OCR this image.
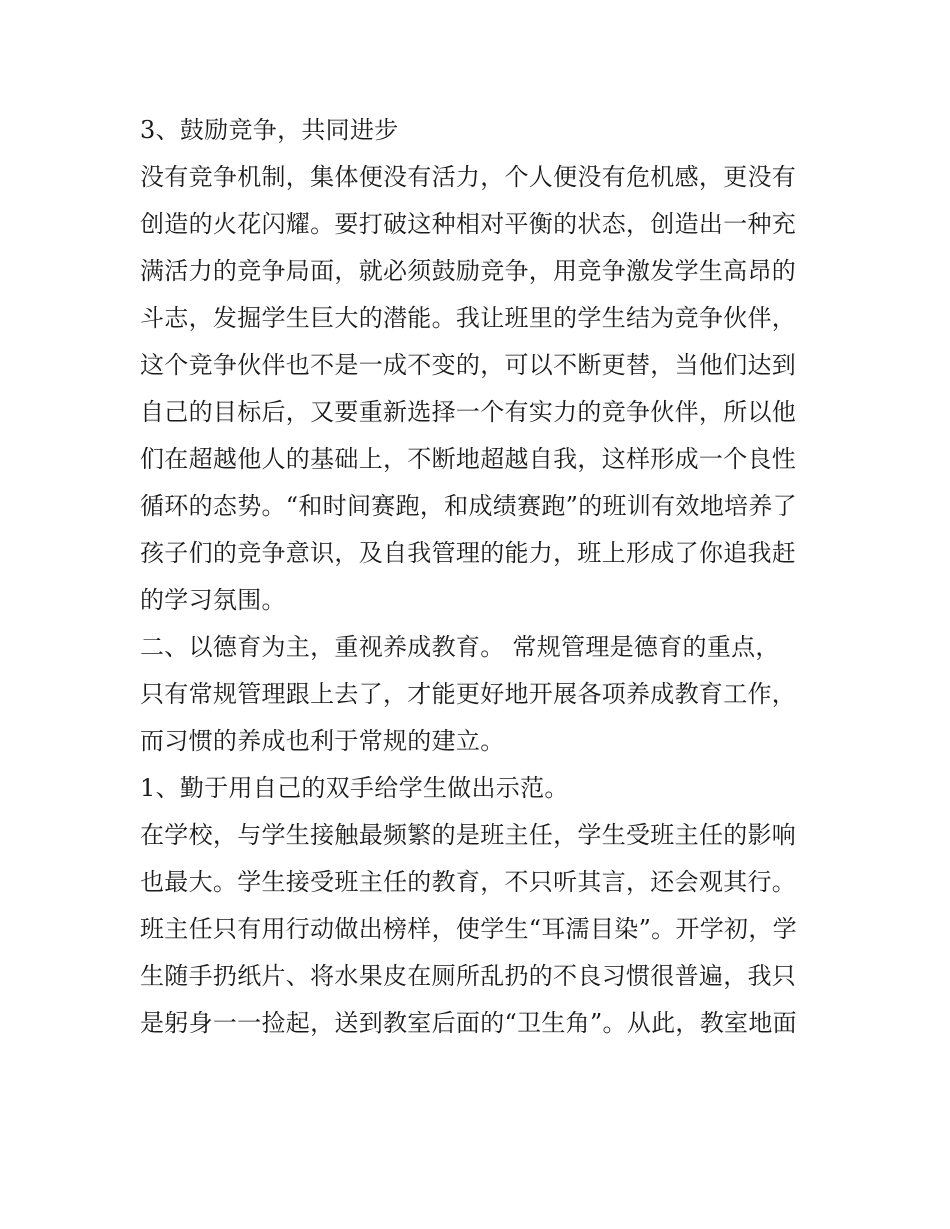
3、鼓励竞争，共同进步
没有竞争机制，集体便没有活力，个人便没有危机感，更没有
创造的火花闪耀。要打破这种相对平衡的状态，创造出一种充
满活力的竞争局面，就必须鼓励竞争，用竞争激发学生高昂的
斗志，发掘学生巨大的潜能。我让班里的学生结为竞争伙伴，
这个竞争伙伴也不是一成不变的，可以不断更替，当他们达到
自己的目标后，又要重新选择一个有实力的竞争伙伴，所以他
们在超越他人的基础上，不断地超越自我，这样形成一个良性
循环的态势。“和时间赛跑，和成绩赛跑”的班训有效地培养了
孩子们的竞争意识，及自我管理的能力，班上形成了你追我赶
的学习氛围。
二、以德育为主，重视养成教育。 常规管理是德育的重点，
只有常规管理跟上去了，才能更好地开展各项养成教育工作，
而习惯的养成也利于常规的建立。
1、勤于用自己的双手给学生做出示范。
在学校，与学生接触最频繁的是班主任，学生受班主任的影响
也最大。学生接受班主任的教育，不只听其言，还会观其行。
班主任只有用行动做出榜样，使学生“耳濡目染”。开学初，学
生随手扔纸片、将水果皮在厕所乱扔的不良习惯很普遍，我只
是躬身一一捡起，送到教室后面的“卫生角”。从此，教室地面
